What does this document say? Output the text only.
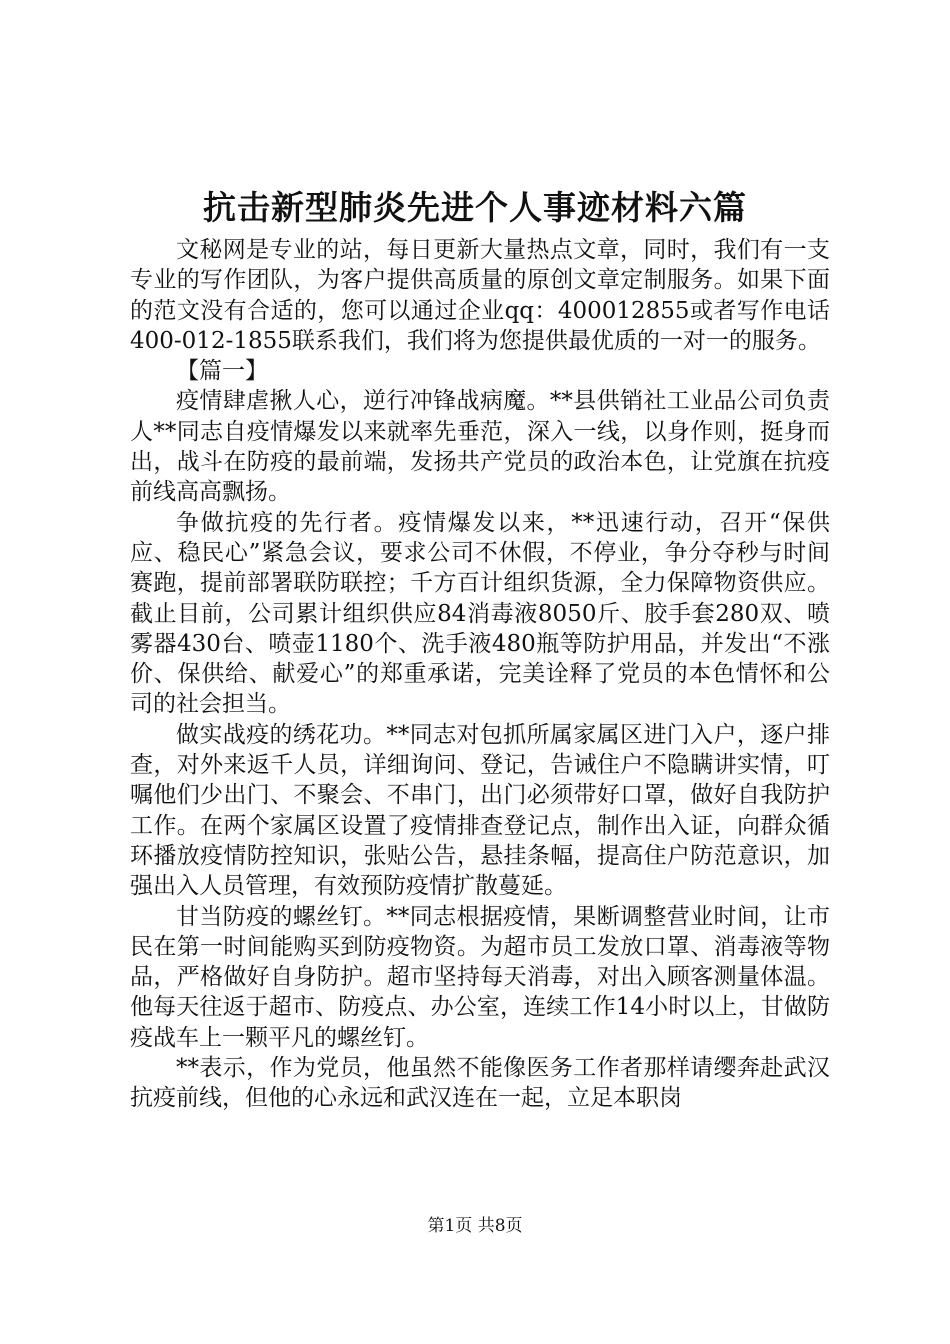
抗击新型肺炎先进个人事迹材料六篇

文秘网是专业的站，每日更新大量热点文章，同时，我们有一支专业的写作团队，为客户提供高质量的原创文章定制服务。如果下面的范文没有合适的，您可以通过企业qq：400012855或者写作电话400-012-1855联系我们，我们将为您提供最优质的一对一的服务。

【篇一】

疫情肆虐揪人心，逆行冲锋战病魔。**县供销社工业品公司负责人**同志自疫情爆发以来就率先垂范，深入一线，以身作则，挺身而出，战斗在防疫的最前端，发扬共产党员的政治本色，让党旗在抗疫前线高高飘扬。

争做抗疫的先行者。疫情爆发以来，**迅速行动，召开“保供应、稳民心”紧急会议，要求公司不休假，不停业，争分夺秒与时间赛跑，提前部署联防联控；千方百计组织货源，全力保障物资供应。截止目前，公司累计组织供应84消毒液8050斤、胶手套280双、喷雾器430台、喷壶1180个、洗手液480瓶等防护用品，并发出“不涨价、保供给、献爱心”的郑重承诺，完美诠释了党员的本色情怀和公司的社会担当。

做实战疫的绣花功。**同志对包抓所属家属区进门入户，逐户排查，对外来返千人员，详细询问、登记，告诫住户不隐瞒讲实情，叮嘱他们少出门、不聚会、不串门，出门必须带好口罩，做好自我防护工作。在两个家属区设置了疫情排查登记点，制作出入证，向群众循环播放疫情防控知识，张贴公告，悬挂条幅，提高住户防范意识，加强出入人员管理，有效预防疫情扩散蔓延。

甘当防疫的螺丝钉。**同志根据疫情，果断调整营业时间，让市民在第一时间能购买到防疫物资。为超市员工发放口罩、消毒液等物品，严格做好自身防护。超市坚持每天消毒，对出入顾客测量体温。他每天往返于超市、防疫点、办公室，连续工作14小时以上，甘做防疫战车上一颗平凡的螺丝钉。

**表示，作为党员，他虽然不能像医务工作者那样请缨奔赴武汉抗疫前线，但他的心永远和武汉连在一起，立足本职岗

第1页 共8页
